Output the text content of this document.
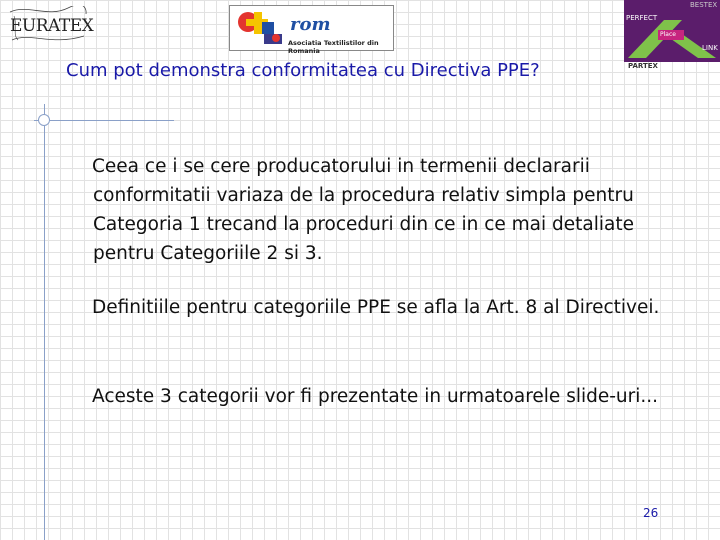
EURATEX	rom
Asociatia Textilistilor din Romania
PERFECT
Place
LINK
BESTEX
PARTEX
Cum pot demonstra conformitatea cu Directiva PPE?

Ceea ce i se cere producatorului in termenii declararii conformitatii variaza de la procedura relativ simpla pentru Categoria 1 trecand la proceduri din ce in ce mai detaliate pentru Categoriile 2 si 3.

Definitiile pentru categoriile PPE se afla la Art. 8 al Directivei.

Aceste 3 categorii vor fi prezentate in urmatoarele slide-uri...

26
